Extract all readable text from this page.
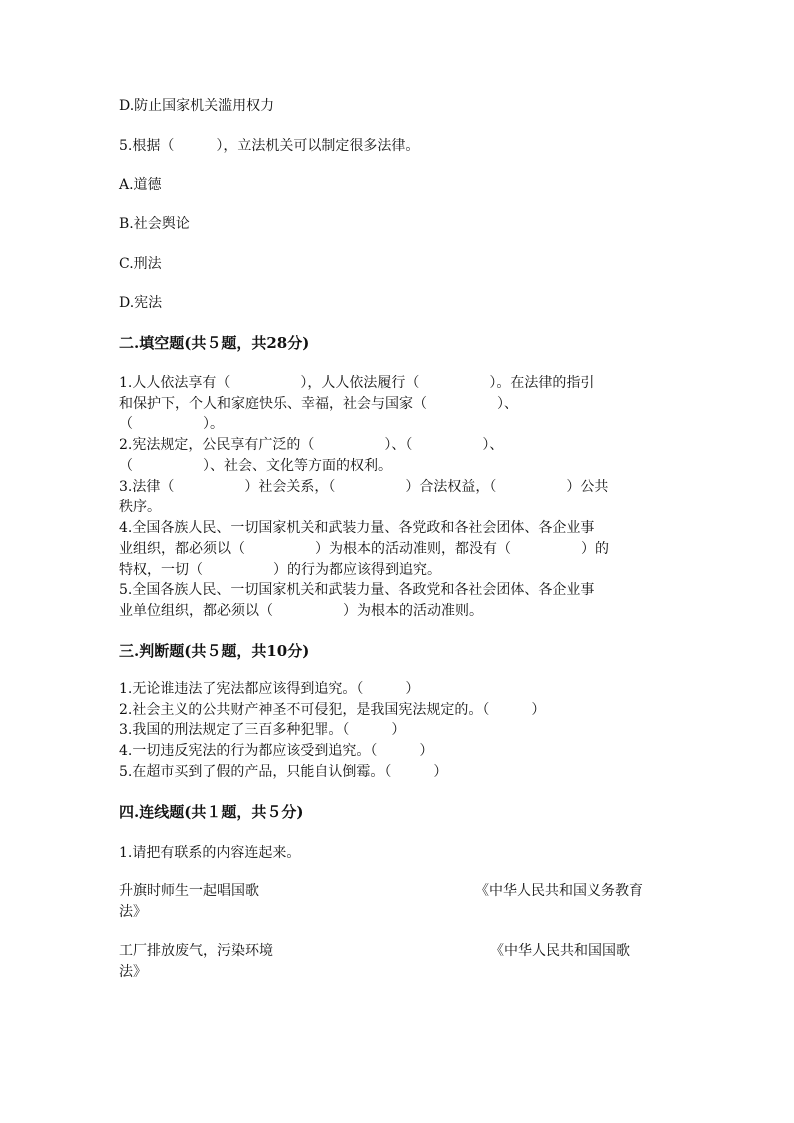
D.防止国家机关滥用权力
5.根据（　　　），立法机关可以制定很多法律。
A.道德
B.社会舆论
C.刑法
D.宪法
二.填空题(共５题，共28分)
1.人人依法享有（　　　　　），人人依法履行（　　　　　）。在法律的指引
和保护下，个人和家庭快乐、幸福，社会与国家（　　　　　）、
（　　　　　）。
2.宪法规定，公民享有广泛的（　　　　　）、（　　　　　）、
（　　　　　）、社会、文化等方面的权利。
3.法律（　　　　　）社会关系，（　　　　　）合法权益，（　　　　　）公共
秩序。
4.全国各族人民、一切国家机关和武装力量、各党政和各社会团体、各企业事
业组织，都必须以（　　　　　）为根本的活动准则，都没有（　　　　　）的
特权，一切（　　　　　）的行为都应该得到追究。
5.全国各族人民、一切国家机关和武装力量、各政党和各社会团体、各企业事
业单位组织，都必须以（　　　　　）为根本的活动准则。
三.判断题(共５题，共10分)
1.无论谁违法了宪法都应该得到追究。（　　　）
2.社会主义的公共财产神圣不可侵犯，是我国宪法规定的。（　　　）
3.我国的刑法规定了三百多种犯罪。（　　　）
4.一切违反宪法的行为都应该受到追究。（　　　）
5.在超市买到了假的产品，只能自认倒霉。（　　　）
四.连线题(共１题，共５分)
1.请把有联系的内容连起来。
升旗时师生一起唱国歌	《中华人民共和国义务教育
法》
工厂排放废气，污染环境	《中华人民共和国国歌
法》
